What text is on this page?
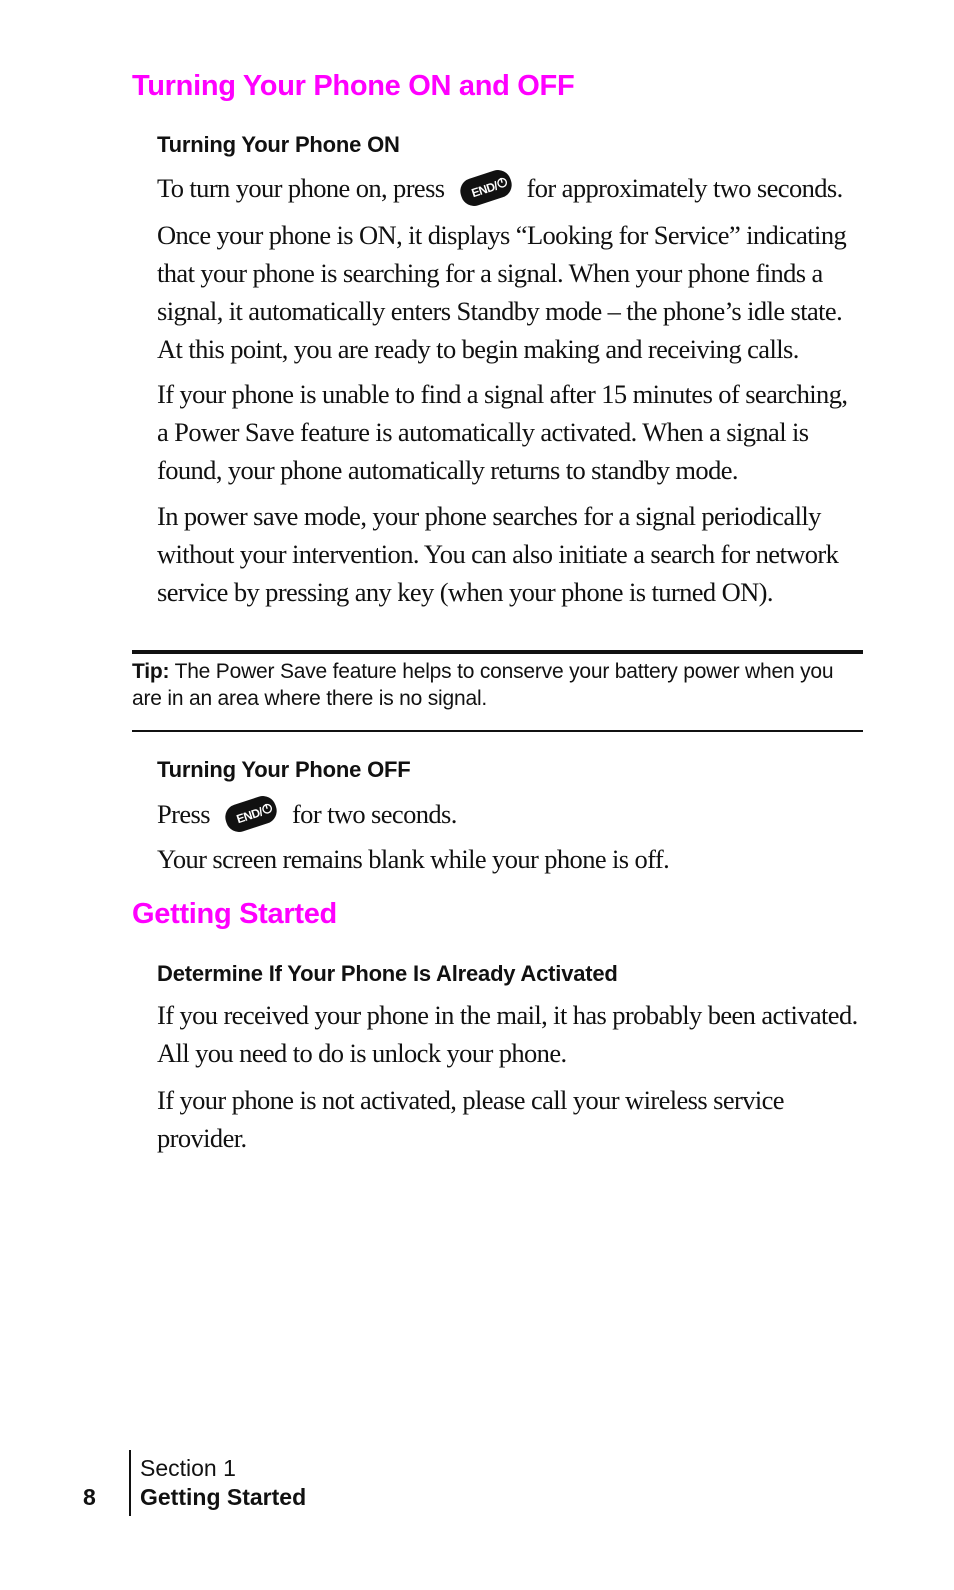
Turning Your Phone ON and OFF
Turning Your Phone ON
To turn your phone on, press END/ for approximately two seconds.

Once your phone is ON, it displays “Looking for Service” indicating that your phone is searching for a signal. When your phone finds a signal, it automatically enters Standby mode – the phone’s idle state. At this point, you are ready to begin making and receiving calls.

If your phone is unable to find a signal after 15 minutes of searching, a Power Save feature is automatically activated. When a signal is found, your phone automatically returns to standby mode.

In power save mode, your phone searches for a signal periodically without your intervention. You can also initiate a search for network service by pressing any key (when your phone is turned ON).

Tip: The Power Save feature helps to conserve your battery power when you are in an area where there is no signal.

Turning Your Phone OFF
Press END/ for two seconds.

Your screen remains blank while your phone is off.

Getting Started
Determine If Your Phone Is Already Activated

If you received your phone in the mail, it has probably been activated. All you need to do is unlock your phone.

If your phone is not activated, please call your wireless service provider.

8
Section 1
Getting Started
